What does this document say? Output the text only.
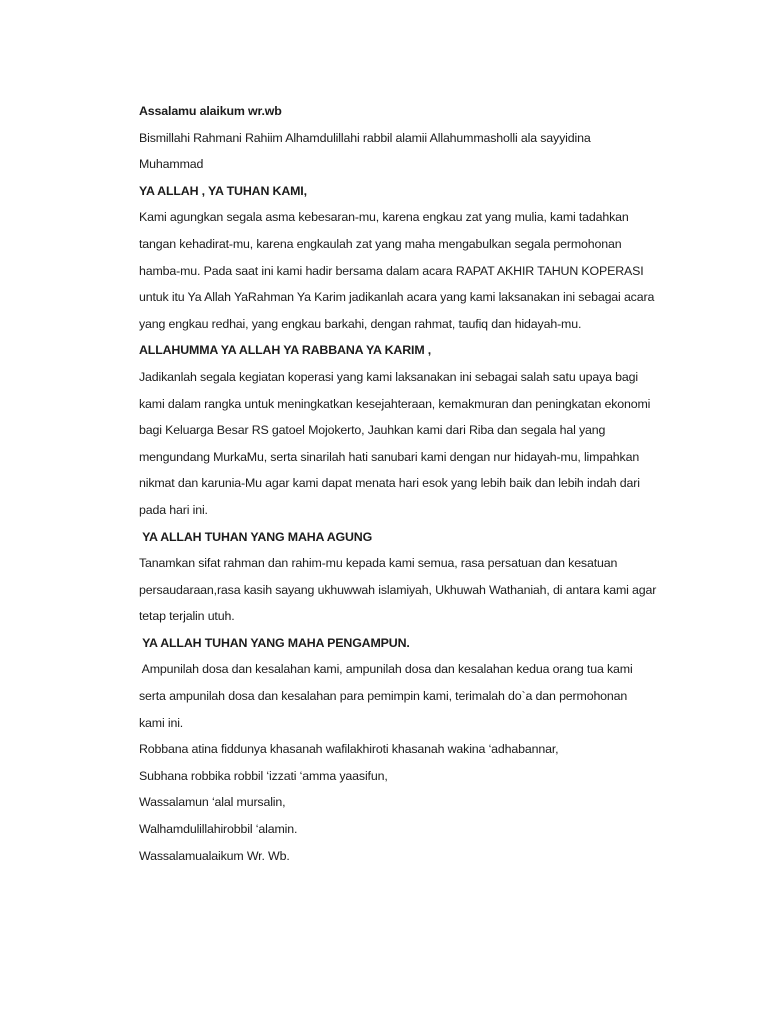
Assalamu alaikum wr.wb

Bismillahi Rahmani Rahiim Alhamdulillahi rabbil alamii Allahummasholli ala sayyidina

Muhammad

YA ALLAH , YA TUHAN KAMI,

Kami agungkan segala asma kebesaran-mu, karena engkau zat yang mulia, kami tadahkan

tangan kehadirat-mu, karena engkaulah zat yang maha mengabulkan segala permohonan

hamba-mu. Pada saat ini kami hadir bersama dalam acara RAPAT AKHIR TAHUN KOPERASI

untuk itu Ya Allah YaRahman Ya Karim jadikanlah acara yang kami laksanakan ini sebagai acara

yang engkau redhai, yang engkau barkahi, dengan rahmat, taufiq dan hidayah-mu.

ALLAHUMMA YA ALLAH YA RABBANA YA KARIM ,

Jadikanlah segala kegiatan koperasi yang kami laksanakan ini sebagai salah satu upaya bagi

kami dalam rangka untuk meningkatkan kesejahteraan, kemakmuran dan peningkatan ekonomi

bagi Keluarga Besar RS gatoel Mojokerto, Jauhkan kami dari Riba dan segala hal yang

mengundang MurkaMu, serta sinarilah hati sanubari kami dengan nur hidayah-mu, limpahkan

nikmat dan karunia-Mu agar kami dapat menata hari esok yang lebih baik dan lebih indah dari

pada hari ini.

YA ALLAH TUHAN YANG MAHA AGUNG

Tanamkan sifat rahman dan rahim-mu kepada kami semua, rasa persatuan dan kesatuan

persaudaraan,rasa kasih sayang ukhuwwah islamiyah, Ukhuwah Wathaniah, di antara kami agar

tetap terjalin utuh.

YA ALLAH TUHAN YANG MAHA PENGAMPUN.

Ampunilah dosa dan kesalahan kami, ampunilah dosa dan kesalahan kedua orang tua kami

serta ampunilah dosa dan kesalahan para pemimpin kami, terimalah do`a dan permohonan

kami ini.

Robbana atina fiddunya khasanah wafilakhiroti khasanah wakina ‘adhabannar,

Subhana robbika robbil ‘izzati ‘amma yaasifun,

Wassalamun ‘alal mursalin,

Walhamdulillahirobbil ‘alamin.

Wassalamualaikum Wr. Wb.
